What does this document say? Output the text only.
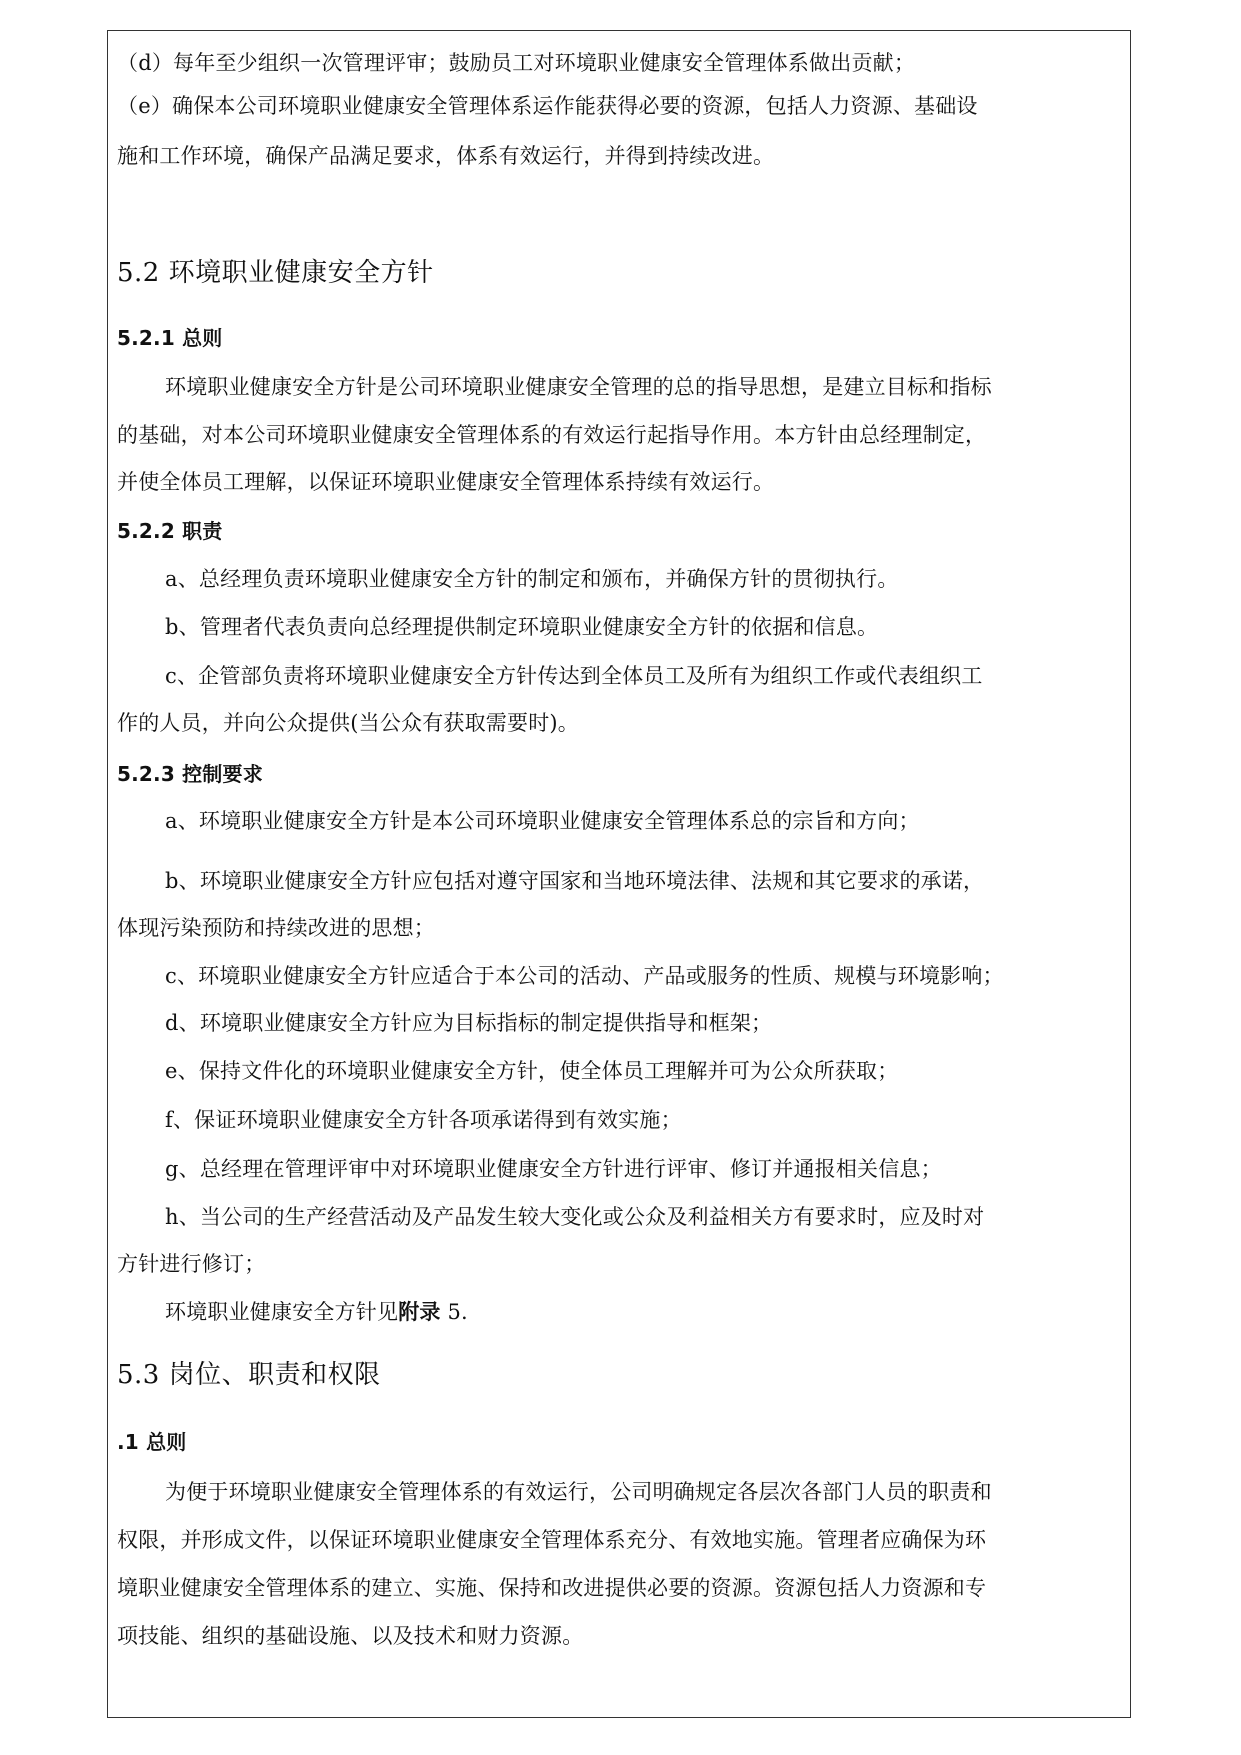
（d）每年至少组织一次管理评审；鼓励员工对环境职业健康安全管理体系做出贡献；
（e）确保本公司环境职业健康安全管理体系运作能获得必要的资源，包括人力资源、基础设
施和工作环境，确保产品满足要求，体系有效运行，并得到持续改进。
5.2 环境职业健康安全方针
5.2.1 总则
环境职业健康安全方针是公司环境职业健康安全管理的总的指导思想，是建立目标和指标
的基础，对本公司环境职业健康安全管理体系的有效运行起指导作用。本方针由总经理制定，
并使全体员工理解，以保证环境职业健康安全管理体系持续有效运行。
5.2.2 职责
a、总经理负责环境职业健康安全方针的制定和颁布，并确保方针的贯彻执行。
b、管理者代表负责向总经理提供制定环境职业健康安全方针的依据和信息。
c、企管部负责将环境职业健康安全方针传达到全体员工及所有为组织工作或代表组织工
作的人员，并向公众提供(当公众有获取需要时)。
5.2.3 控制要求
a、环境职业健康安全方针是本公司环境职业健康安全管理体系总的宗旨和方向；
b、环境职业健康安全方针应包括对遵守国家和当地环境法律、法规和其它要求的承诺，
体现污染预防和持续改进的思想；
c、环境职业健康安全方针应适合于本公司的活动、产品或服务的性质、规模与环境影响；
d、环境职业健康安全方针应为目标指标的制定提供指导和框架；
e、保持文件化的环境职业健康安全方针，使全体员工理解并可为公众所获取；
f、保证环境职业健康安全方针各项承诺得到有效实施；
g、总经理在管理评审中对环境职业健康安全方针进行评审、修订并通报相关信息；
h、当公司的生产经营活动及产品发生较大变化或公众及利益相关方有要求时，应及时对
方针进行修订；
环境职业健康安全方针见附录 5.
5.3 岗位、职责和权限
.1 总则
为便于环境职业健康安全管理体系的有效运行，公司明确规定各层次各部门人员的职责和
权限，并形成文件，以保证环境职业健康安全管理体系充分、有效地实施。管理者应确保为环
境职业健康安全管理体系的建立、实施、保持和改进提供必要的资源。资源包括人力资源和专
项技能、组织的基础设施、以及技术和财力资源。
